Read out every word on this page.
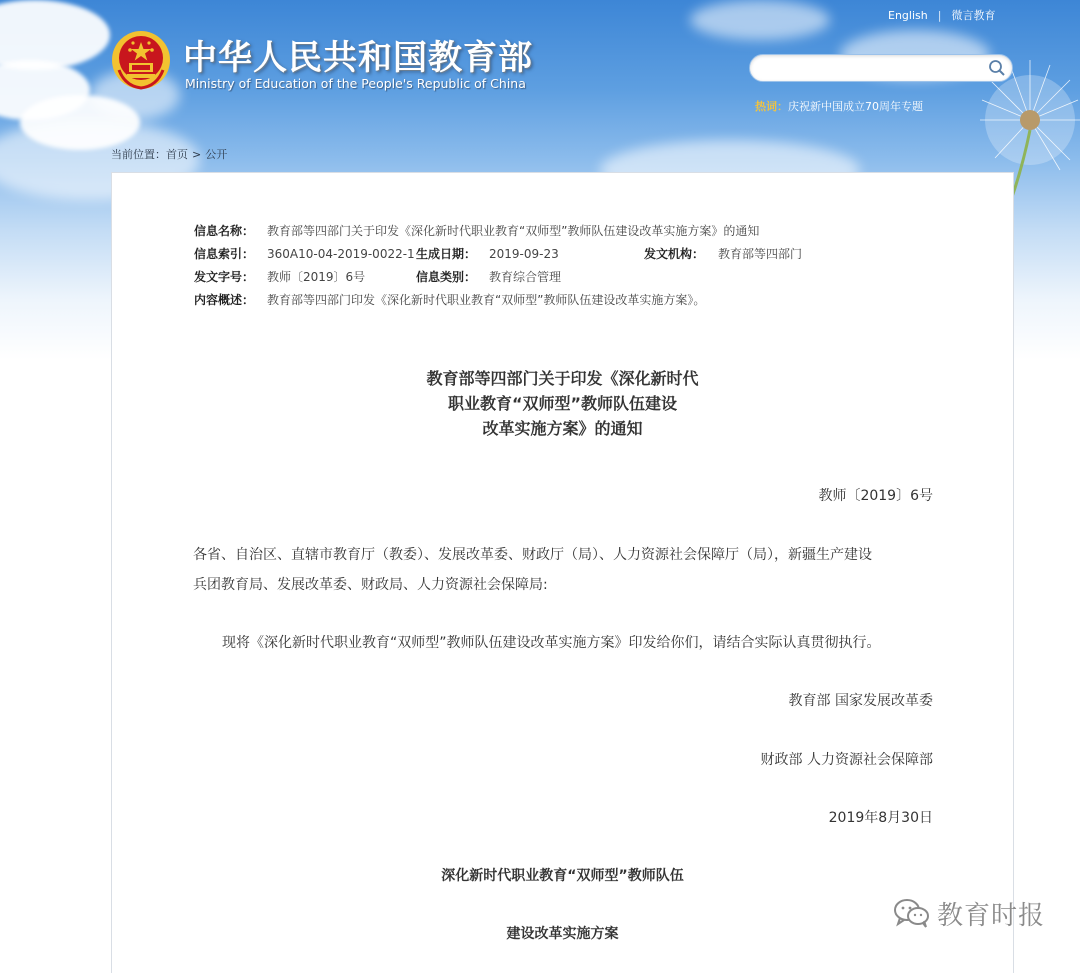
中华人民共和国教育部

Ministry of Education of the People's Republic of China

English | 微言教育
热词：庆祝新中国成立70周年专题
当前位置：首页 > 公开
信息名称： 教育部等四部门关于印发《深化新时代职业教育“双师型”教师队伍建设改革实施方案》的通知
信息索引： 360A10-04-2019-0022-1 生成日期： 2019-09-23	发文机构： 教育部等四部门
发文字号： 教师〔2019〕6号	信息类别： 教育综合管理
内容概述： 教育部等四部门印发《深化新时代职业教育“双师型”教师队伍建设改革实施方案》。
教育部等四部门关于印发《深化新时代
职业教育“双师型”教师队伍建设
改革实施方案》的通知

教师〔2019〕6号

各省、自治区、直辖市教育厅（教委）、发展改革委、财政厅（局）、人力资源社会保障厅（局），新疆生产建设

兵团教育局、发展改革委、财政局、人力资源社会保障局:

现将《深化新时代职业教育“双师型”教师队伍建设改革实施方案》印发给你们，请结合实际认真贯彻执行。

教育部 国家发展改革委

财政部 人力资源社会保障部

2019年8月30日

深化新时代职业教育“双师型”教师队伍

建设改革实施方案

教育时报
